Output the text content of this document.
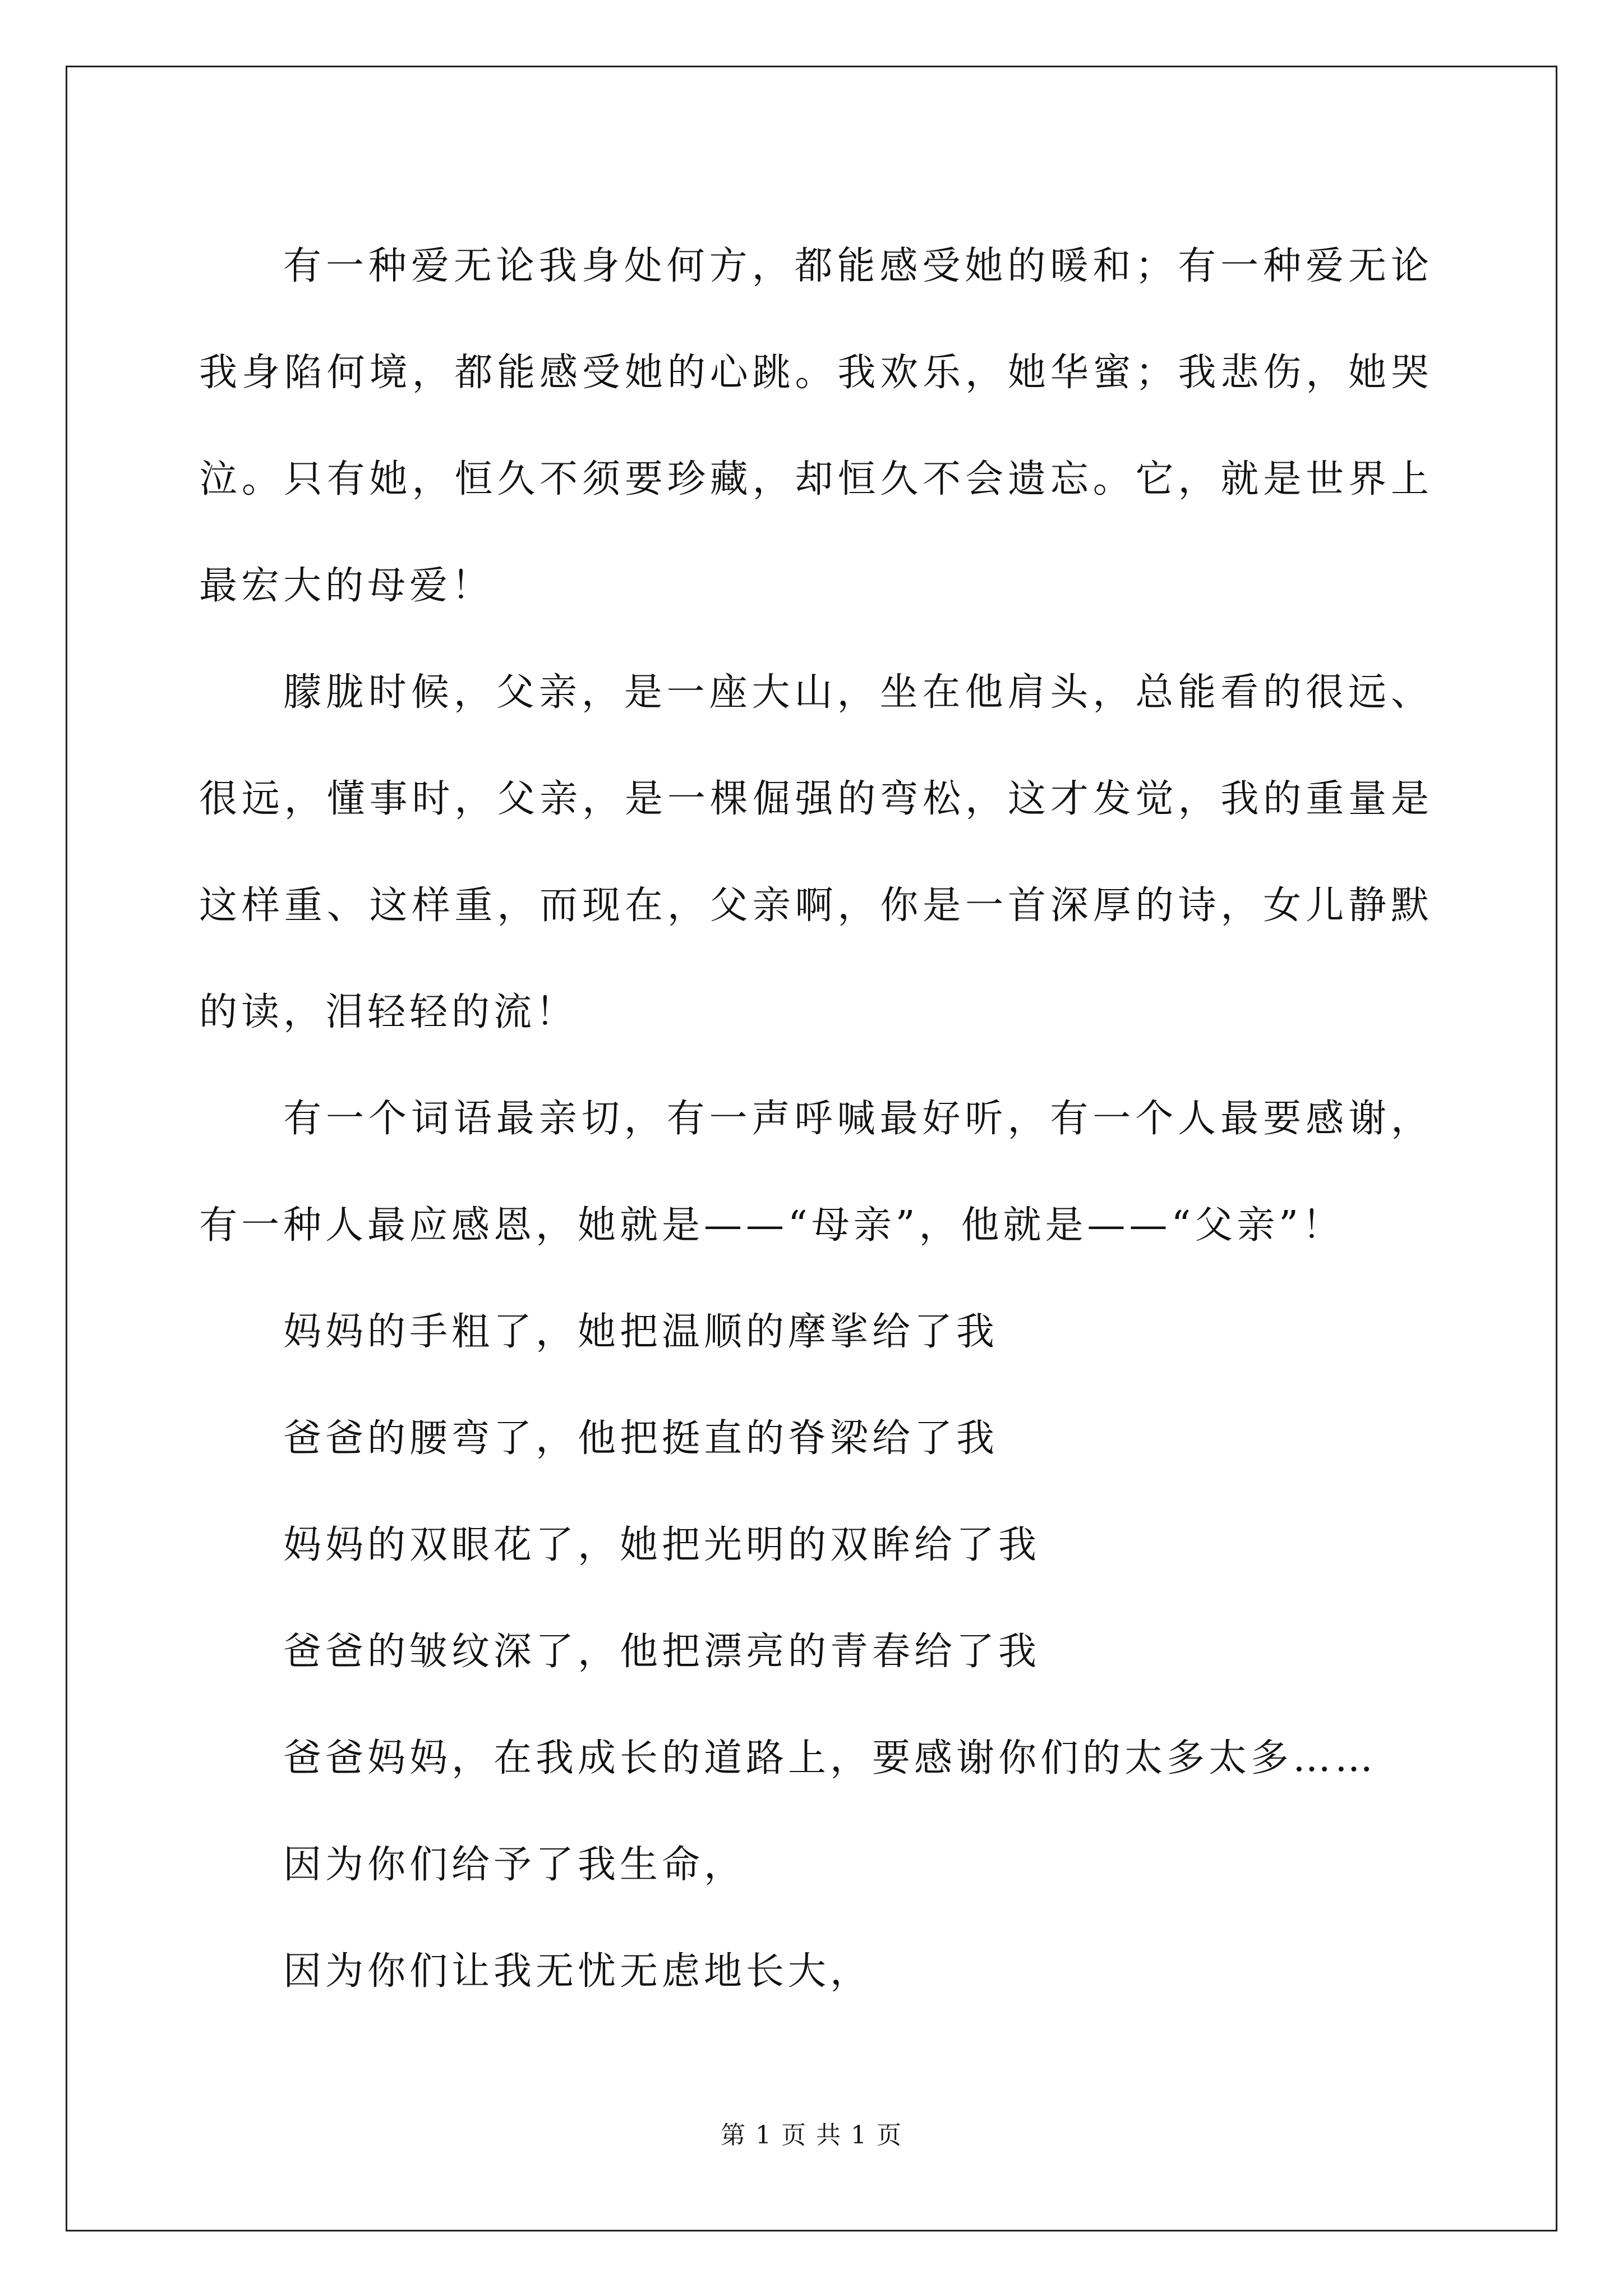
有一种爱无论我身处何方，都能感受她的暖和；有一种爱无论我身陷何境，都能感受她的心跳。我欢乐，她华蜜；我悲伤，她哭泣。只有她，恒久不须要珍藏，却恒久不会遗忘。它，就是世界上最宏大的母爱！

朦胧时候，父亲，是一座大山，坐在他肩头，总能看的很远、很远，懂事时，父亲，是一棵倔强的弯松，这才发觉，我的重量是这样重、这样重，而现在，父亲啊，你是一首深厚的诗，女儿静默的读，泪轻轻的流！

有一个词语最亲切，有一声呼喊最好听，有一个人最要感谢，有一种人最应感恩，她就是——“母亲”，他就是——“父亲”！

妈妈的手粗了，她把温顺的摩挲给了我

爸爸的腰弯了，他把挺直的脊梁给了我

妈妈的双眼花了，她把光明的双眸给了我

爸爸的皱纹深了，他把漂亮的青春给了我

爸爸妈妈，在我成长的道路上，要感谢你们的太多太多……

因为你们给予了我生命，

因为你们让我无忧无虑地长大，

第 1 页 共 1 页
